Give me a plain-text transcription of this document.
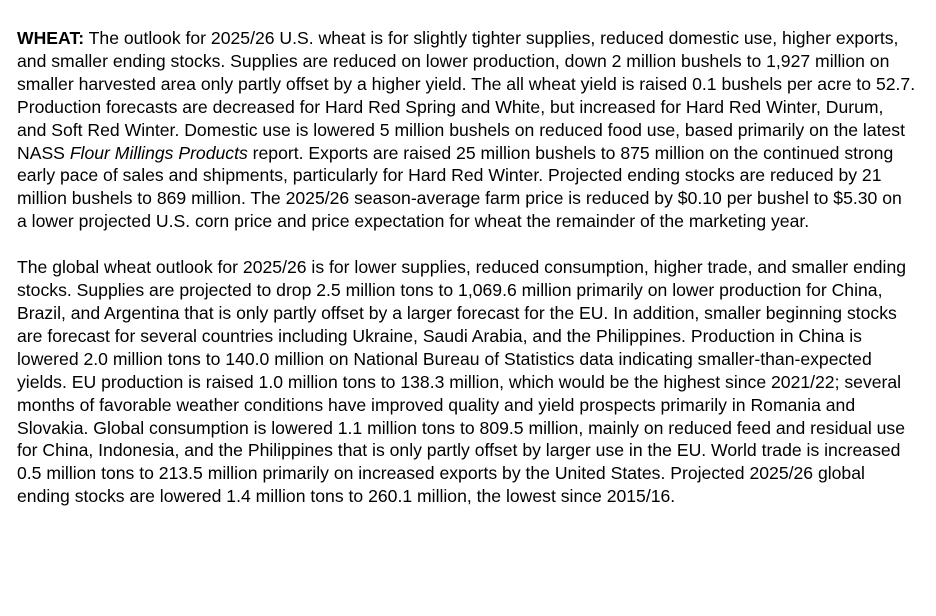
WHEAT: The outlook for 2025/26 U.S. wheat is for slightly tighter supplies, reduced domestic use, higher exports, and smaller ending stocks. Supplies are reduced on lower production, down 2 million bushels to 1,927 million on smaller harvested area only partly offset by a higher yield. The all wheat yield is raised 0.1 bushels per acre to 52.7. Production forecasts are decreased for Hard Red Spring and White, but increased for Hard Red Winter, Durum, and Soft Red Winter. Domestic use is lowered 5 million bushels on reduced food use, based primarily on the latest NASS Flour Millings Products report. Exports are raised 25 million bushels to 875 million on the continued strong early pace of sales and shipments, particularly for Hard Red Winter. Projected ending stocks are reduced by 21 million bushels to 869 million. The 2025/26 season-average farm price is reduced by $0.10 per bushel to $5.30 on a lower projected U.S. corn price and price expectation for wheat the remainder of the marketing year.

The global wheat outlook for 2025/26 is for lower supplies, reduced consumption, higher trade, and smaller ending stocks. Supplies are projected to drop 2.5 million tons to 1,069.6 million primarily on lower production for China, Brazil, and Argentina that is only partly offset by a larger forecast for the EU. In addition, smaller beginning stocks are forecast for several countries including Ukraine, Saudi Arabia, and the Philippines. Production in China is lowered 2.0 million tons to 140.0 million on National Bureau of Statistics data indicating smaller-than-expected yields. EU production is raised 1.0 million tons to 138.3 million, which would be the highest since 2021/22; several months of favorable weather conditions have improved quality and yield prospects primarily in Romania and Slovakia. Global consumption is lowered 1.1 million tons to 809.5 million, mainly on reduced feed and residual use for China, Indonesia, and the Philippines that is only partly offset by larger use in the EU. World trade is increased 0.5 million tons to 213.5 million primarily on increased exports by the United States. Projected 2025/26 global ending stocks are lowered 1.4 million tons to 260.1 million, the lowest since 2015/16.
